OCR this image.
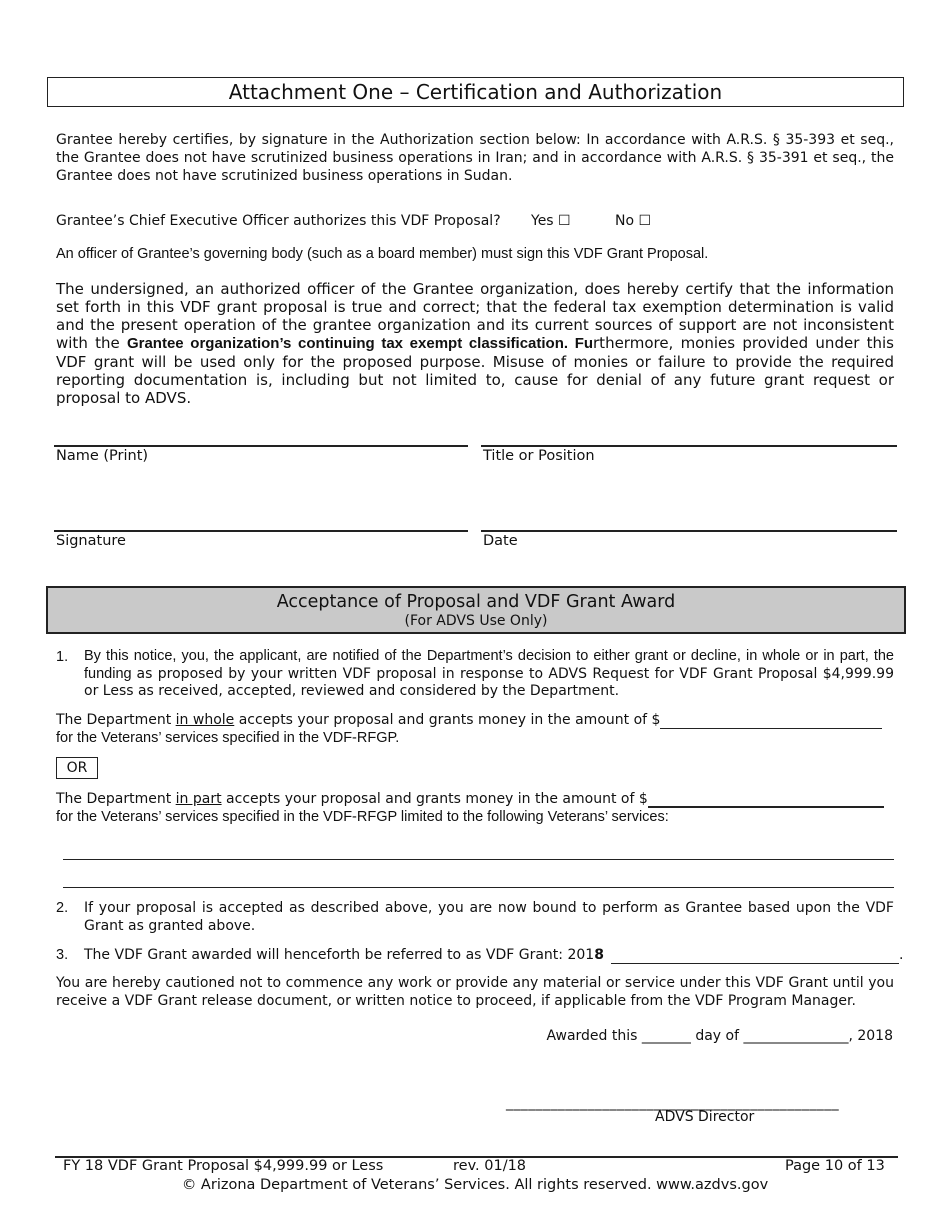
Attachment One – Certification and Authorization
Grantee hereby certifies, by signature in the Authorization section below: In accordance with A.R.S. § 35-393 et seq., the Grantee does not have scrutinized business operations in Iran; and in accordance with A.R.S. § 35-391 et seq., the Grantee does not have scrutinized business operations in Sudan.
Grantee’s Chief Executive Officer authorizes this VDF Proposal? Yes ☐	No ☐
An officer of Grantee’s governing body (such as a board member) must sign this VDF Grant Proposal.
The undersigned, an authorized officer of the Grantee organization, does hereby certify that the information set forth in this VDF grant proposal is true and correct; that the federal tax exemption determination is valid and the present operation of the grantee organization and its current sources of support are not inconsistent with the Grantee organization’s continuing tax exempt classification. Furthermore, monies provided under this VDF grant will be used only for the proposed purpose. Misuse of monies or failure to provide the required reporting documentation is, including but not limited to, cause for denial of any future grant request or proposal to ADVS.
Name (Print)	Title or Position
Signature	Date
Acceptance of Proposal and VDF Grant Award
(For ADVS Use Only)
1. By this notice, you, the applicant, are notified of the Department’s decision to either grant or decline, in whole or in part, the funding as proposed by your written VDF proposal in response to ADVS Request for VDF Grant Proposal $4,999.99 or Less as received, accepted, reviewed and considered by the Department.
The Department in whole accepts your proposal and grants money in the amount of $
for the Veterans’ services specified in the VDF-RFGP.
OR
The Department in part accepts your proposal and grants money in the amount of $
for the Veterans’ services specified in the VDF-RFGP limited to the following Veterans’ services:
2. If your proposal is accepted as described above, you are now bound to perform as Grantee based upon the VDF Grant as granted above.
3. The VDF Grant awarded will henceforth be referred to as VDF Grant: 2018	.
You are hereby cautioned not to commence any work or provide any material or service under this VDF Grant until you receive a VDF Grant release document, or written notice to proceed, if applicable from the VDF Program Manager.
Awarded this _______ day of _______________, 2018
_____________________________________________
ADVS Director
FY 18 VDF Grant Proposal $4,999.99 or Less	rev. 01/18	Page 10 of 13
© Arizona Department of Veterans’ Services. All rights reserved. www.azdvs.gov
